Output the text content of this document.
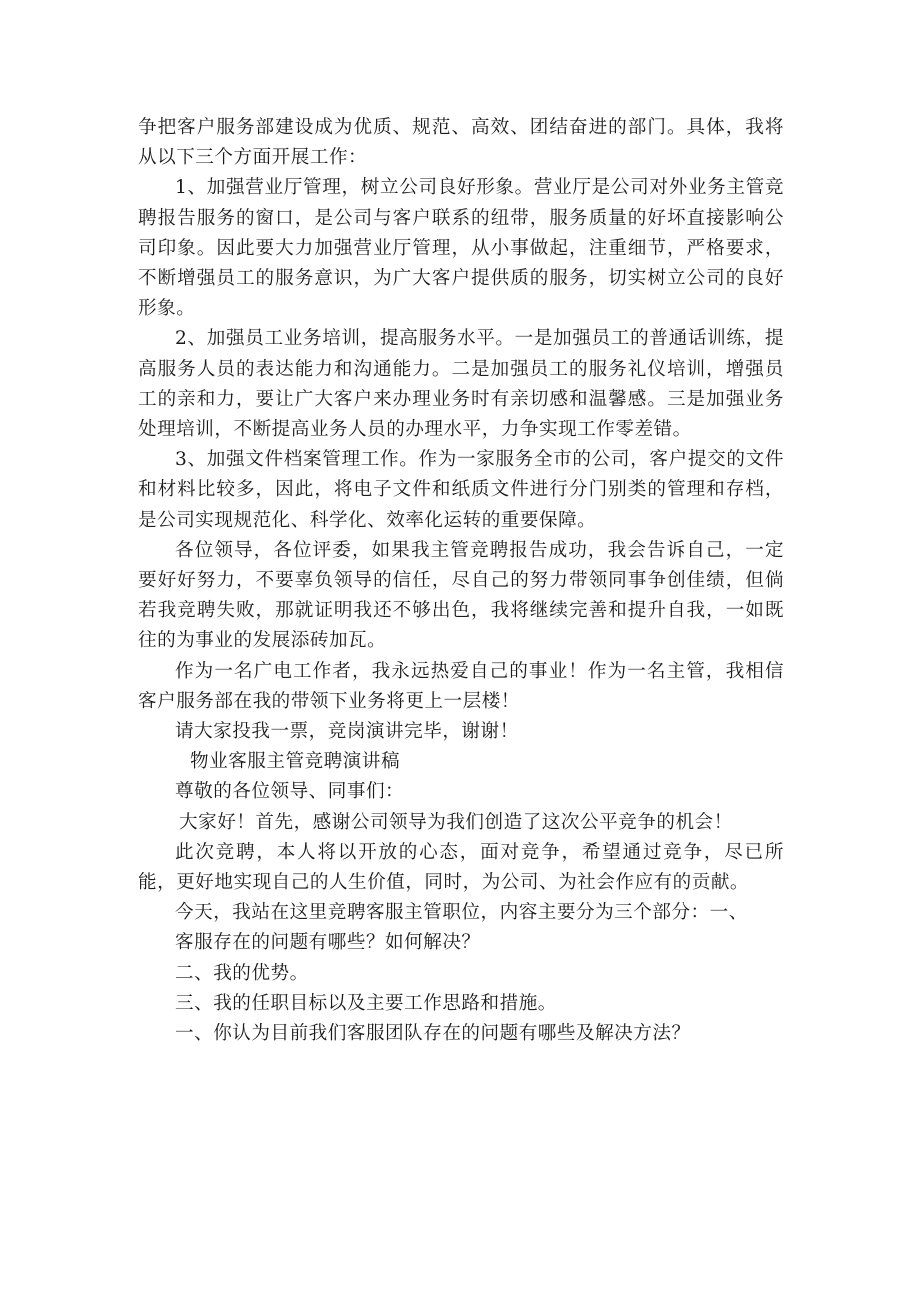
争把客户服务部建设成为优质、规范、高效、团结奋进的部门。具体，我将从以下三个方面开展工作：

1、加强营业厅管理，树立公司良好形象。营业厅是公司对外业务主管竞聘报告服务的窗口，是公司与客户联系的纽带，服务质量的好坏直接影响公司印象。因此要大力加强营业厅管理，从小事做起，注重细节，严格要求，不断增强员工的服务意识，为广大客户提供质的服务，切实树立公司的良好形象。

2、加强员工业务培训，提高服务水平。一是加强员工的普通话训练，提高服务人员的表达能力和沟通能力。二是加强员工的服务礼仪培训，增强员工的亲和力，要让广大客户来办理业务时有亲切感和温馨感。三是加强业务处理培训，不断提高业务人员的办理水平，力争实现工作零差错。

3、加强文件档案管理工作。作为一家服务全市的公司，客户提交的文件和材料比较多，因此，将电子文件和纸质文件进行分门别类的管理和存档，是公司实现规范化、科学化、效率化运转的重要保障。

各位领导，各位评委，如果我主管竞聘报告成功，我会告诉自己，一定要好好努力，不要辜负领导的信任，尽自己的努力带领同事争创佳绩，但倘若我竞聘失败，那就证明我还不够出色，我将继续完善和提升自我，一如既往的为事业的发展添砖加瓦。

作为一名广电工作者，我永远热爱自己的事业！作为一名主管，我相信客户服务部在我的带领下业务将更上一层楼！

请大家投我一票，竞岗演讲完毕，谢谢！

物业客服主管竞聘演讲稿

尊敬的各位领导、同事们：

大家好！首先，感谢公司领导为我们创造了这次公平竞争的机会！

此次竞聘，本人将以开放的心态，面对竞争，希望通过竞争，尽已所能，更好地实现自己的人生价值，同时，为公司、为社会作应有的贡献。

今天，我站在这里竞聘客服主管职位，内容主要分为三个部分：一、

客服存在的问题有哪些？如何解决？

二、我的优势。

三、我的任职目标以及主要工作思路和措施。

一、你认为目前我们客服团队存在的问题有哪些及解决方法？
